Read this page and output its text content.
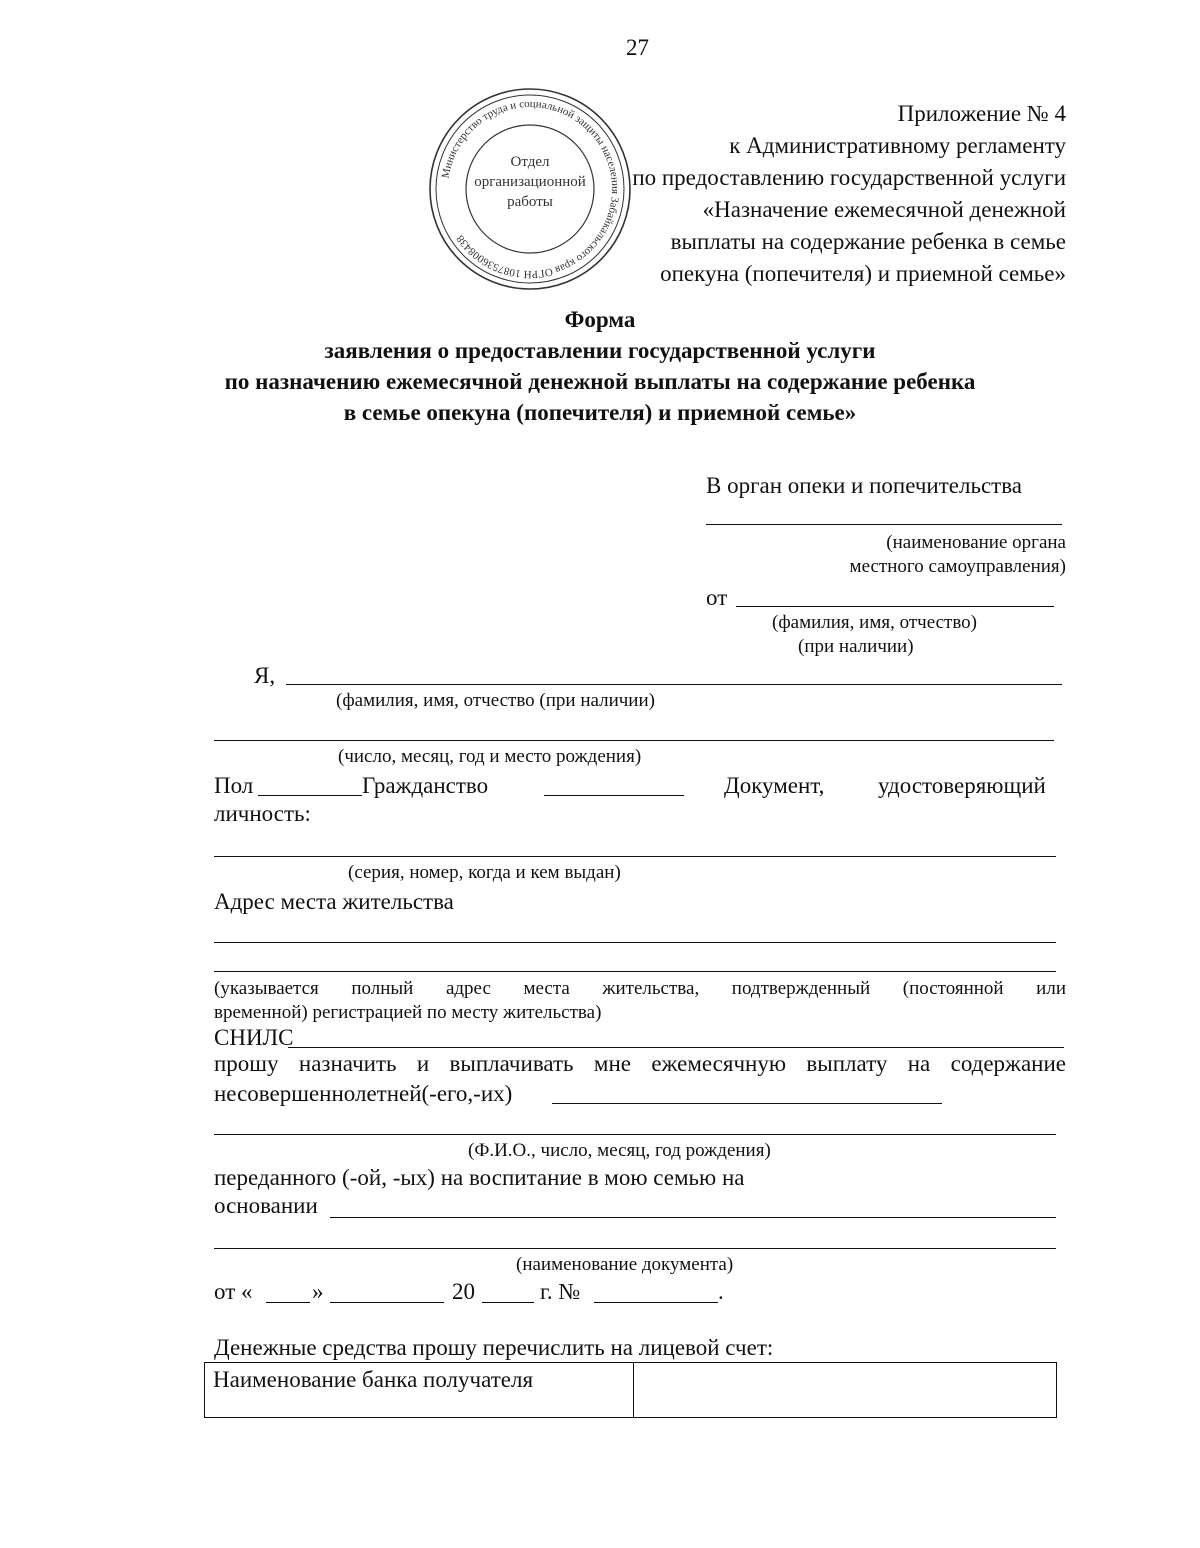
27
Министерство труда и социальной защиты населения Забайкальского края ОГРН 1087536008438
Отдел
организационной
работы
Приложение № 4
к Административному регламенту
по предоставлению государственной услуги
«Назначение ежемесячной денежной
выплаты на содержание ребенка в семье
опекуна (попечителя) и приемной семье»
Форма
заявления о предоставлении государственной услуги
по назначению ежемесячной денежной выплаты на содержание ребенка
в семье опекуна (попечителя) и приемной семье»
В орган опеки и попечительства
(наименование органа
местного самоуправления)
от
(фамилия, имя, отчество)
(при наличии)
Я,
(фамилия, имя, отчество (при наличии)
(число, месяц, год и место рождения)
Пол	Гражданство	Документ, удостоверяющий
личность:
(серия, номер, когда и кем выдан)
Адрес места жительства
(указывается полный адрес места жительства, подтвержденный (постоянной или
временной) регистрацией по месту жительства)
СНИЛС
прошу назначить и выплачивать мне ежемесячную выплату на содержание
несовершеннолетней(-его,-их)
(Ф.И.О., число, месяц, год рождения)
переданного (-ой, -ых) на воспитание в мою семью на
основании
(наименование документа)
от «	»	20	г. №	.
Денежные средства прошу перечислить на лицевой счет:
Наименование банка получателя	
